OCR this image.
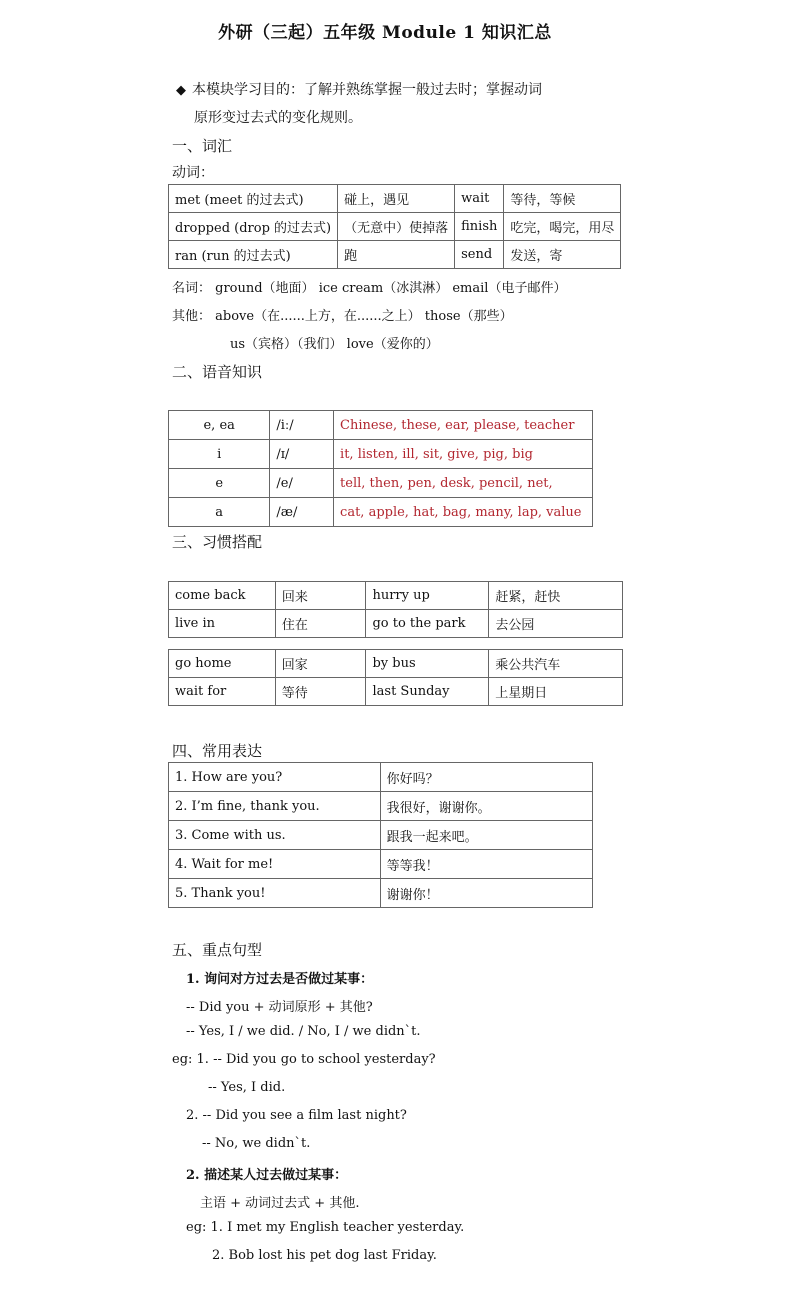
外研（三起）五年级 Module 1 知识汇总
◆ 本模块学习目的：了解并熟练掌握一般过去时；掌握动词
原形变过去式的变化规则。
一、词汇
动词：
met (meet 的过去式)	碰上，遇见	wait	等待，等候
dropped (drop 的过去式)	（无意中）使掉落	finish	吃完，喝完，用尽
ran (run 的过去式)	跑	send	发送，寄
名词： ground（地面） ice cream（冰淇淋） email（电子邮件）
其他： above（在......上方，在......之上） those（那些）
us（宾格）（我们） love（爱你的）
二、语音知识
e, ea	/iː/	Chinese, these, ear, please, teacher
i	/ɪ/	it, listen, ill, sit, give, pig, big
e	/e/	tell, then, pen, desk, pencil, net,
a	/æ/	cat, apple, hat, bag, many, lap, value
三、习惯搭配
come back	回来	hurry up	赶紧，赶快
live in	住在	go to the park	去公园
go home	回家	by bus	乘公共汽车
wait for	等待	last Sunday	上星期日
四、常用表达
1. How are you?	你好吗？
2. I’m fine, thank you.	我很好，谢谢你。
3. Come with us.	跟我一起来吧。
4. Wait for me!	等等我！
5. Thank you!	谢谢你！
五、重点句型
1. 询问对方过去是否做过某事：
-- Did you + 动词原形 + 其他?
-- Yes, I / we did. / No, I / we didn`t.
eg: 1. -- Did you go to school yesterday?
-- Yes, I did.
2. -- Did you see a film last night?
-- No, we didn`t.
2. 描述某人过去做过某事：
主语 + 动词过去式 + 其他.
eg: 1. I met my English teacher yesterday.
2. Bob lost his pet dog last Friday.
